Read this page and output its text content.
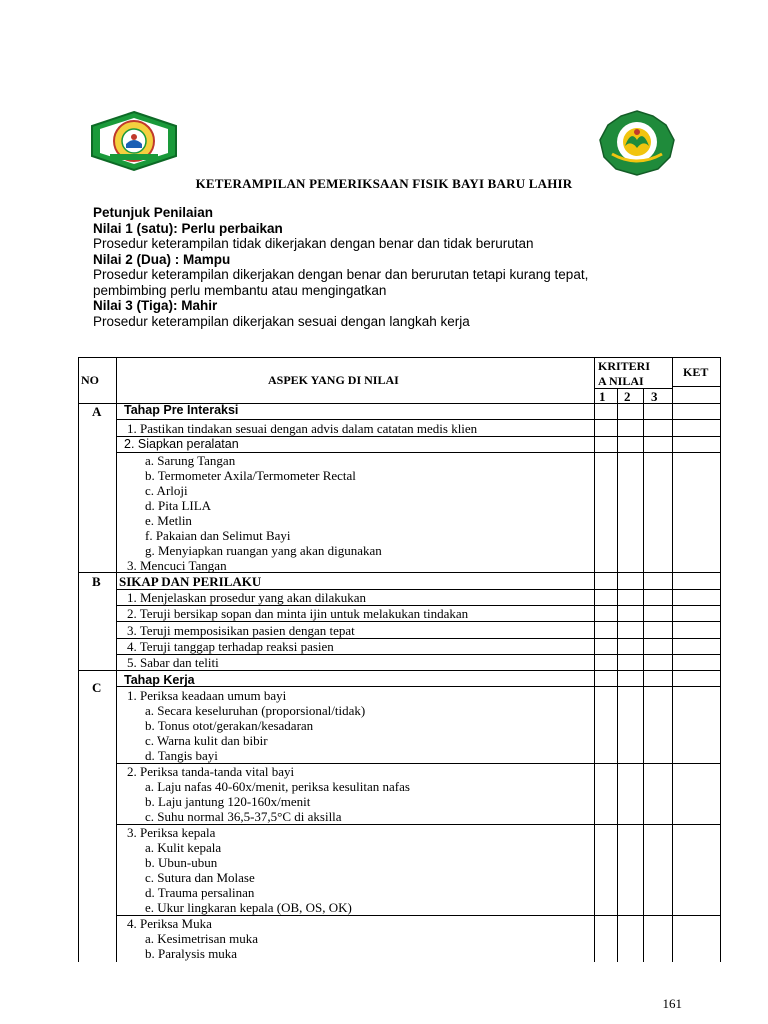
KETERAMPILAN PEMERIKSAAN FISIK BAYI BARU LAHIR
Petunjuk Penilaian
Nilai 1 (satu): Perlu perbaikan
Prosedur keterampilan tidak dikerjakan dengan benar dan tidak berurutan
Nilai 2 (Dua) : Mampu
Prosedur keterampilan dikerjakan dengan benar dan berurutan tetapi kurang tepat,
pembimbing perlu membantu atau mengingatkan
Nilai 3 (Tiga): Mahir
Prosedur keterampilan dikerjakan sesuai dengan langkah kerja
NO	ASPEK YANG DI NILAI
KRITERI
A NILAI
KET
1 2 3
A Tahap Pre Interaksi
1. Pastikan tindakan sesuai dengan advis dalam catatan medis klien
2. Siapkan peralatan
a. Sarung Tangan
b. Termometer Axila/Termometer Rectal
c. Arloji
d. Pita LILA
e. Metlin
f. Pakaian dan Selimut Bayi
g. Menyiapkan ruangan yang akan digunakan
3. Mencuci Tangan
B SIKAP DAN PERILAKU
1. Menjelaskan prosedur yang akan dilakukan
2. Teruji bersikap sopan dan minta ijin untuk melakukan tindakan
3. Teruji memposisikan pasien dengan tepat
4. Teruji tanggap terhadap reaksi pasien
5. Sabar dan teliti
C Tahap Kerja
1. Periksa keadaan umum bayi
a. Secara keseluruhan (proporsional/tidak)
b. Tonus otot/gerakan/kesadaran
c. Warna kulit dan bibir
d. Tangis bayi
2. Periksa tanda-tanda vital bayi
a. Laju nafas 40-60x/menit, periksa kesulitan nafas
b. Laju jantung 120-160x/menit
c. Suhu normal 36,5-37,5°C di aksilla
3. Periksa kepala
a. Kulit kepala
b. Ubun-ubun
c. Sutura dan Molase
d. Trauma persalinan
e. Ukur lingkaran kepala (OB, OS, OK)
4. Periksa Muka
a. Kesimetrisan muka
b. Paralysis muka
161
